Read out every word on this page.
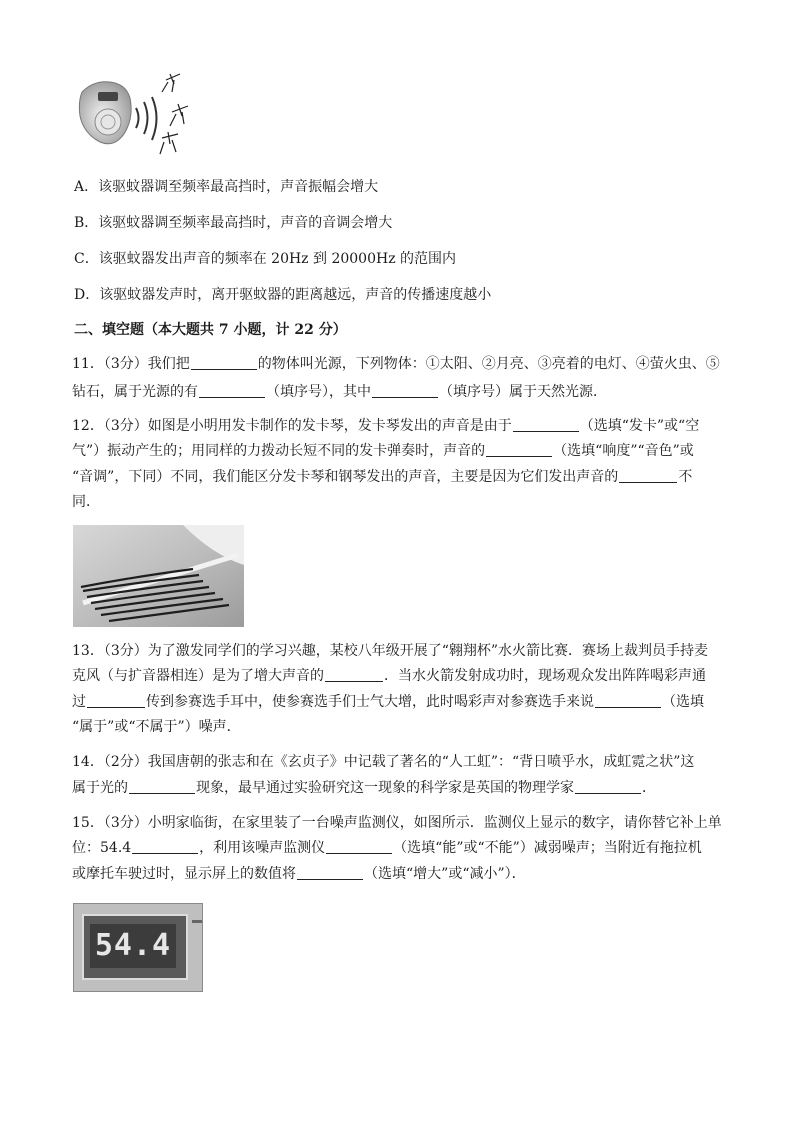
A．该驱蚊器调至频率最高挡时，声音振幅会增大
B．该驱蚊器调至频率最高挡时，声音的音调会增大
C．该驱蚊器发出声音的频率在 20Hz 到 20000Hz 的范围内
D．该驱蚊器发声时，离开驱蚊器的距离越远，声音的传播速度越小
二、填空题（本大题共 7 小题，计 22 分）
11．（3分）我们把	的物体叫光源，下列物体：①太阳、②月亮、③亮着的电灯、④萤火虫、⑤
钻石，属于光源的有	（填序号），其中	（填序号）属于天然光源．
12．（3分）如图是小明用发卡制作的发卡琴，发卡琴发出的声音是由于	（选填“发卡”或“空
气”）振动产生的；用同样的力拨动长短不同的发卡弹奏时，声音的	（选填“响度”“音色”或
“音调”，下同）不同，我们能区分发卡琴和钢琴发出的声音，主要是因为它们发出声音的	不
同．
13．（3分）为了激发同学们的学习兴趣，某校八年级开展了“翱翔杯”水火箭比赛．赛场上裁判员手持麦
克风（与扩音器相连）是为了增大声音的	．当水火箭发射成功时，现场观众发出阵阵喝彩声通
过	传到参赛选手耳中，使参赛选手们士气大增，此时喝彩声对参赛选手来说	（选填
“属于”或“不属于”）噪声．
14．（2分）我国唐朝的张志和在《玄贞子》中记载了著名的“人工虹”：“背日喷乎水，成虹霓之状”这
属于光的	现象，最早通过实验研究这一现象的科学家是英国的物理学家	．
15．（3分）小明家临街，在家里装了一台噪声监测仪，如图所示．监测仪上显示的数字，请你替它补上单
位：54.4	，利用该噪声监测仪	（选填“能”或“不能”）减弱噪声；当附近有拖拉机
或摩托车驶过时，显示屏上的数值将	（选填“增大”或“减小”）．
54.4
